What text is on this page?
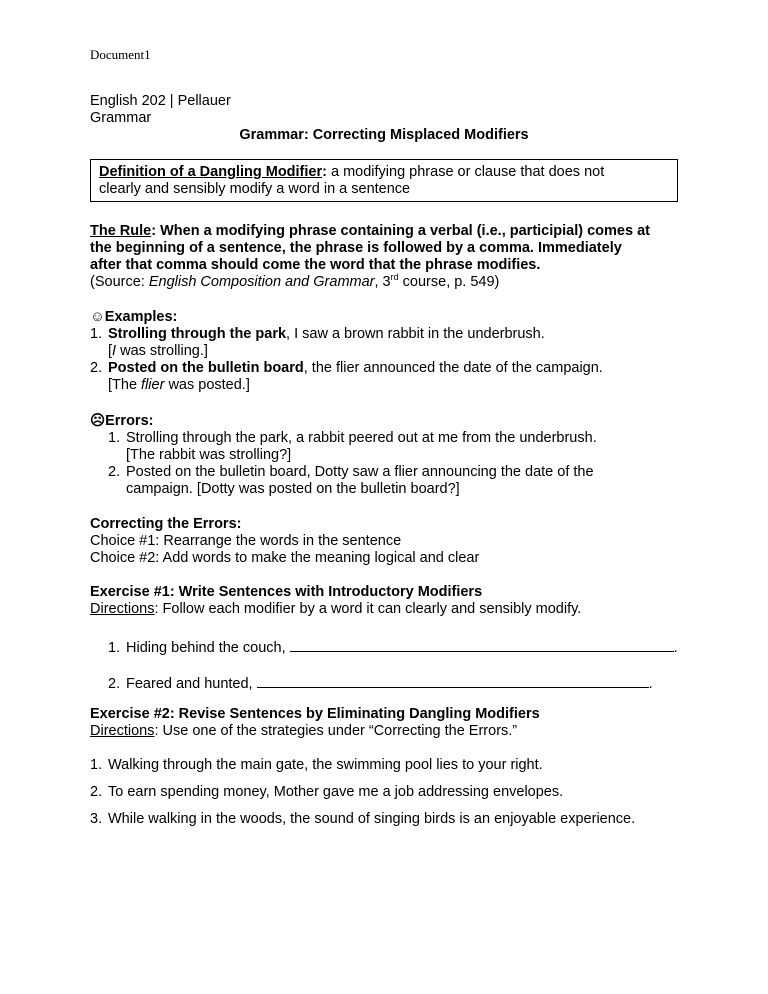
Document1
English 202 | Pellauer
Grammar
Grammar: Correcting Misplaced Modifiers
Definition of a Dangling Modifier: a modifying phrase or clause that does not
clearly and sensibly modify a word in a sentence
The Rule: When a modifying phrase containing a verbal (i.e., participial) comes at
the beginning of a sentence, the phrase is followed by a comma. Immediately
after that comma should come the word that the phrase modifies.
(Source: English Composition and Grammar, 3rd course, p. 549)
☺Examples:
1. Strolling through the park, I saw a brown rabbit in the underbrush.
[I was strolling.]
2. Posted on the bulletin board, the flier announced the date of the campaign.
[The flier was posted.]
☹Errors:
1. Strolling through the park, a rabbit peered out at me from the underbrush.
[The rabbit was strolling?]
2. Posted on the bulletin board, Dotty saw a flier announcing the date of the
campaign. [Dotty was posted on the bulletin board?]
Correcting the Errors:
Choice #1: Rearrange the words in the sentence
Choice #2: Add words to make the meaning logical and clear
Exercise #1: Write Sentences with Introductory Modifiers
Directions: Follow each modifier by a word it can clearly and sensibly modify.
1. Hiding behind the couch,	.
2. Feared and hunted,	.
Exercise #2: Revise Sentences by Eliminating Dangling Modifiers
Directions: Use one of the strategies under “Correcting the Errors.”
1. Walking through the main gate, the swimming pool lies to your right.
2. To earn spending money, Mother gave me a job addressing envelopes.
3. While walking in the woods, the sound of singing birds is an enjoyable experience.
